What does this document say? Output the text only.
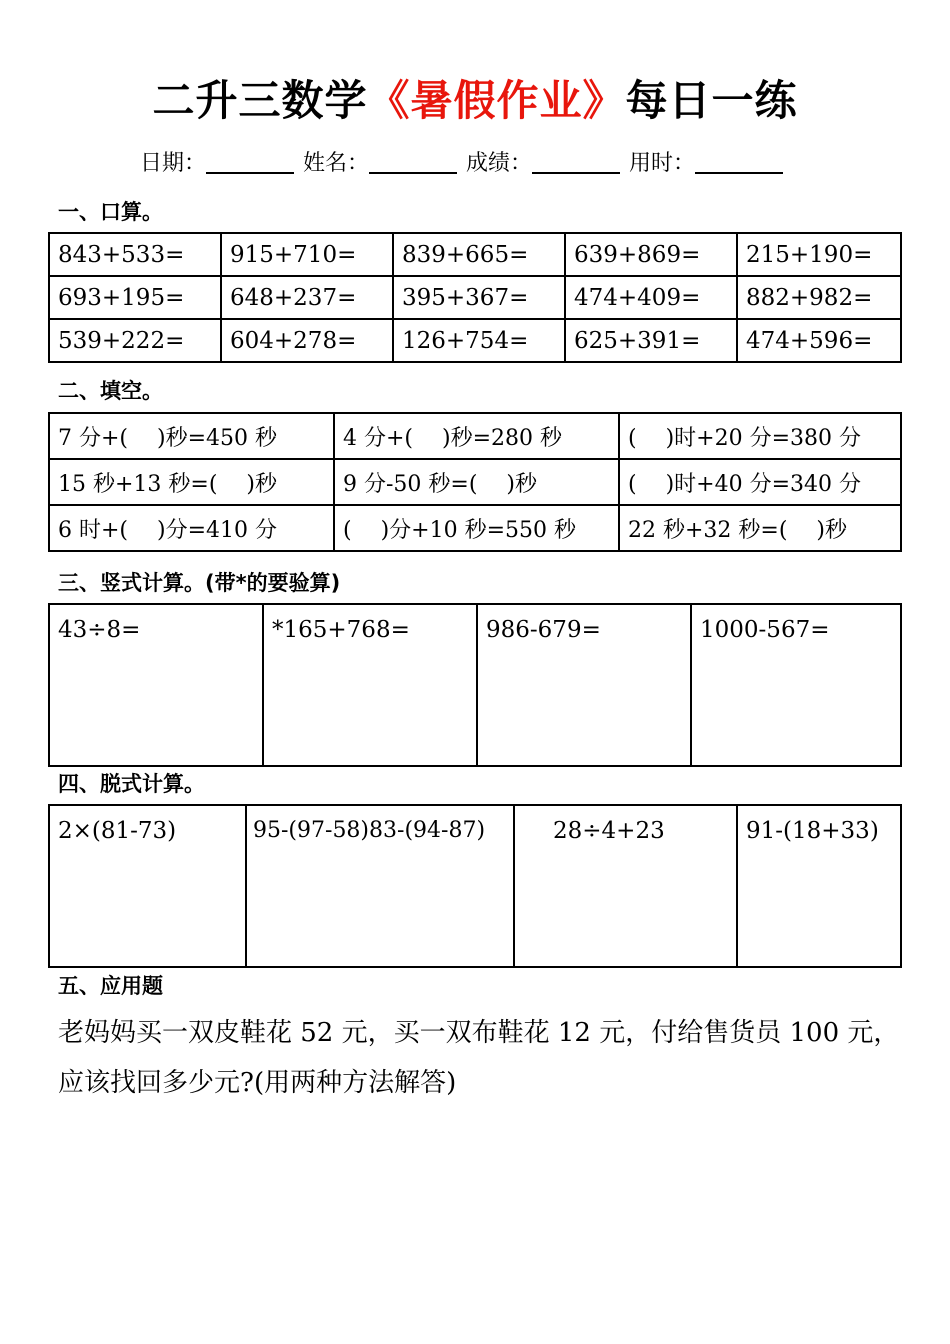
二升三数学《暑假作业》每日一练
日期：	姓名：	成绩：	用时：
一、口算。
843+533=	915+710=	839+665=	639+869=	215+190=
693+195=	648+237=	395+367=	474+409=	882+982=
539+222=	604+278=	126+754=	625+391=	474+596=
二、填空。
7 分+(　 )秒=450 秒	4 分+(　 )秒=280 秒	(　 )时+20 分=380 分
15 秒+13 秒=(　 )秒	9 分-50 秒=(　 )秒	(　 )时+40 分=340 分
6 时+(　 )分=410 分	(　 )分+10 秒=550 秒	22 秒+32 秒=(　 )秒
三、竖式计算。(带*的要验算)
43÷8=	*165+768=	986-679=	1000-567=
四、脱式计算。
2×(81-73)	95-(97-58)83-(94-87)	28÷4+23	91-(18+33)
五、应用题
老妈妈买一双皮鞋花 52 元，买一双布鞋花 12 元，付给售货员 100 元，应该找回多少元?(用两种方法解答)
